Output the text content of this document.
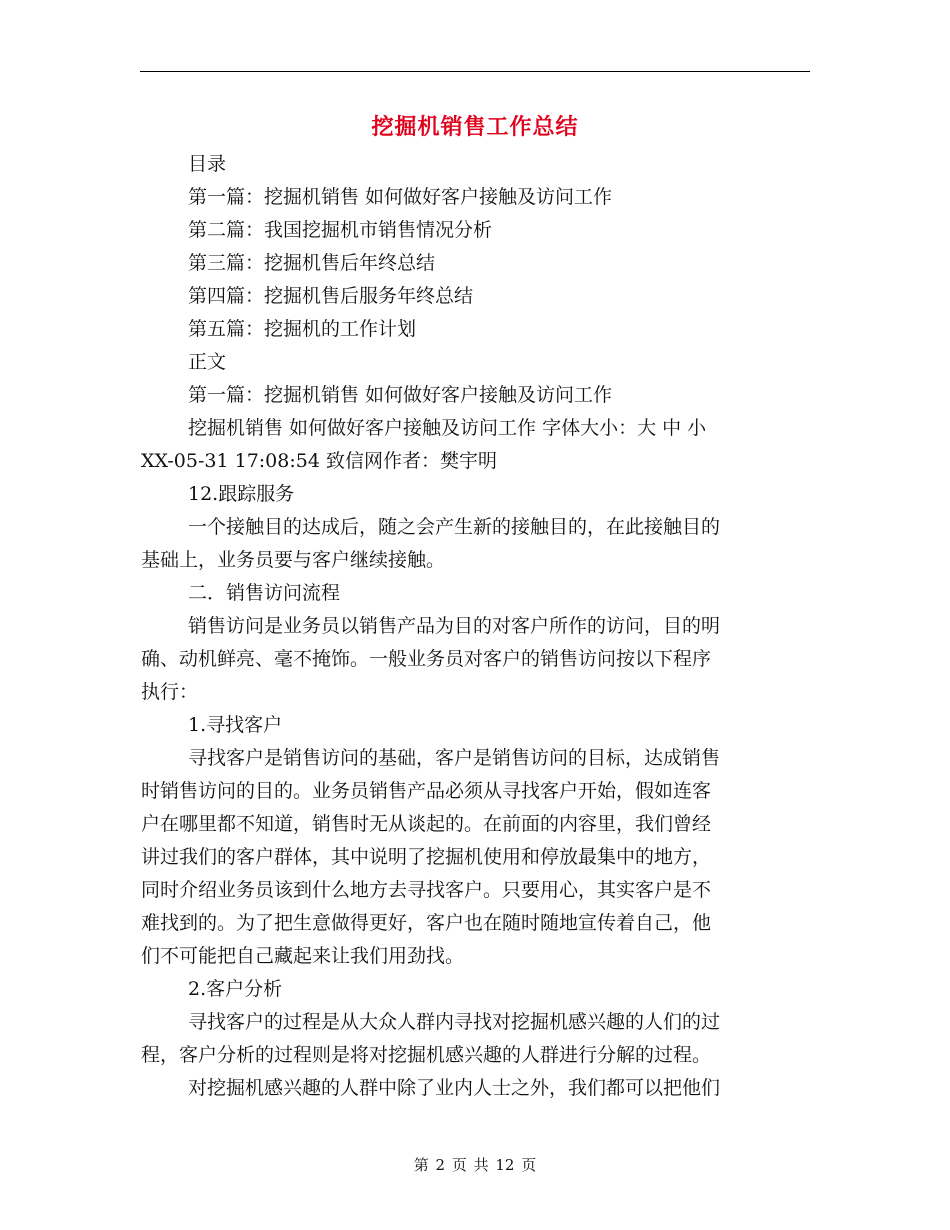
挖掘机销售工作总结
目录
第一篇：挖掘机销售 如何做好客户接触及访问工作
第二篇：我国挖掘机市销售情况分析
第三篇：挖掘机售后年终总结
第四篇：挖掘机售后服务年终总结
第五篇：挖掘机的工作计划
正文
第一篇：挖掘机销售 如何做好客户接触及访问工作
挖掘机销售 如何做好客户接触及访问工作 字体大小：大 中 小
XX-05-31 17:08:54 致信网作者：樊宇明
12.跟踪服务
一个接触目的达成后，随之会产生新的接触目的，在此接触目的
基础上，业务员要与客户继续接触。
二．销售访问流程
销售访问是业务员以销售产品为目的对客户所作的访问，目的明
确、动机鲜亮、毫不掩饰。一般业务员对客户的销售访问按以下程序
执行：
1.寻找客户
寻找客户是销售访问的基础，客户是销售访问的目标，达成销售
时销售访问的目的。业务员销售产品必须从寻找客户开始，假如连客
户在哪里都不知道，销售时无从谈起的。在前面的内容里，我们曾经
讲过我们的客户群体，其中说明了挖掘机使用和停放最集中的地方，
同时介绍业务员该到什么地方去寻找客户。只要用心，其实客户是不
难找到的。为了把生意做得更好，客户也在随时随地宣传着自己，他
们不可能把自己藏起来让我们用劲找。
2.客户分析
寻找客户的过程是从大众人群内寻找对挖掘机感兴趣的人们的过
程，客户分析的过程则是将对挖掘机感兴趣的人群进行分解的过程。
对挖掘机感兴趣的人群中除了业内人士之外，我们都可以把他们
第 2 页 共 12 页
